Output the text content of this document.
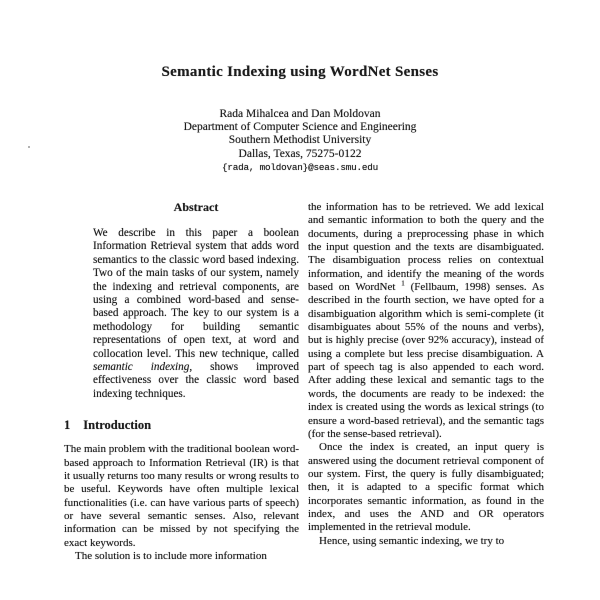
Semantic Indexing using WordNet Senses
Rada Mihalcea and Dan Moldovan
Department of Computer Science and Engineering
Southern Methodist University
Dallas, Texas, 75275-0122
{rada, moldovan}@seas.smu.edu
Abstract

We describe in this paper a boolean Information Retrieval system that adds word semantics to the classic word based indexing. Two of the main tasks of our system, namely the indexing and retrieval components, are using a combined word-based and sense-based approach. The key to our system is a methodology for building semantic representations of open text, at word and collocation level. This new technique, called semantic indexing, shows improved effectiveness over the classic word based indexing techniques.

1 Introduction

The main problem with the traditional boolean word-based approach to Information Retrieval (IR) is that it usually returns too many results or wrong results to be useful. Keywords have often multiple lexical functionalities (i.e. can have various parts of speech) or have several semantic senses. Also, relevant information can be missed by not specifying the exact keywords.

The solution is to include more information

the information has to be retrieved. We add lexical and semantic information to both the query and the documents, during a preprocessing phase in which the input question and the texts are disambiguated. The disambiguation process relies on contextual information, and identify the meaning of the words based on WordNet $^1$ (Fellbaum, 1998) senses. As described in the fourth section, we have opted for a disambiguation algorithm which is semi-complete (it disambiguates about 55% of the nouns and verbs), but is highly precise (over 92% accuracy), instead of using a complete but less precise disambiguation. A part of speech tag is also appended to each word. After adding these lexical and semantic tags to the words, the documents are ready to be indexed: the index is created using the words as lexical strings (to ensure a word-based retrieval), and the semantic tags (for the sense-based retrieval).

Once the index is created, an input query is answered using the document retrieval component of our system. First, the query is fully disambiguated; then, it is adapted to a specific format which incorporates semantic information, as found in the index, and uses the AND and OR operators implemented in the retrieval module.

Hence, using semantic indexing, we try to
